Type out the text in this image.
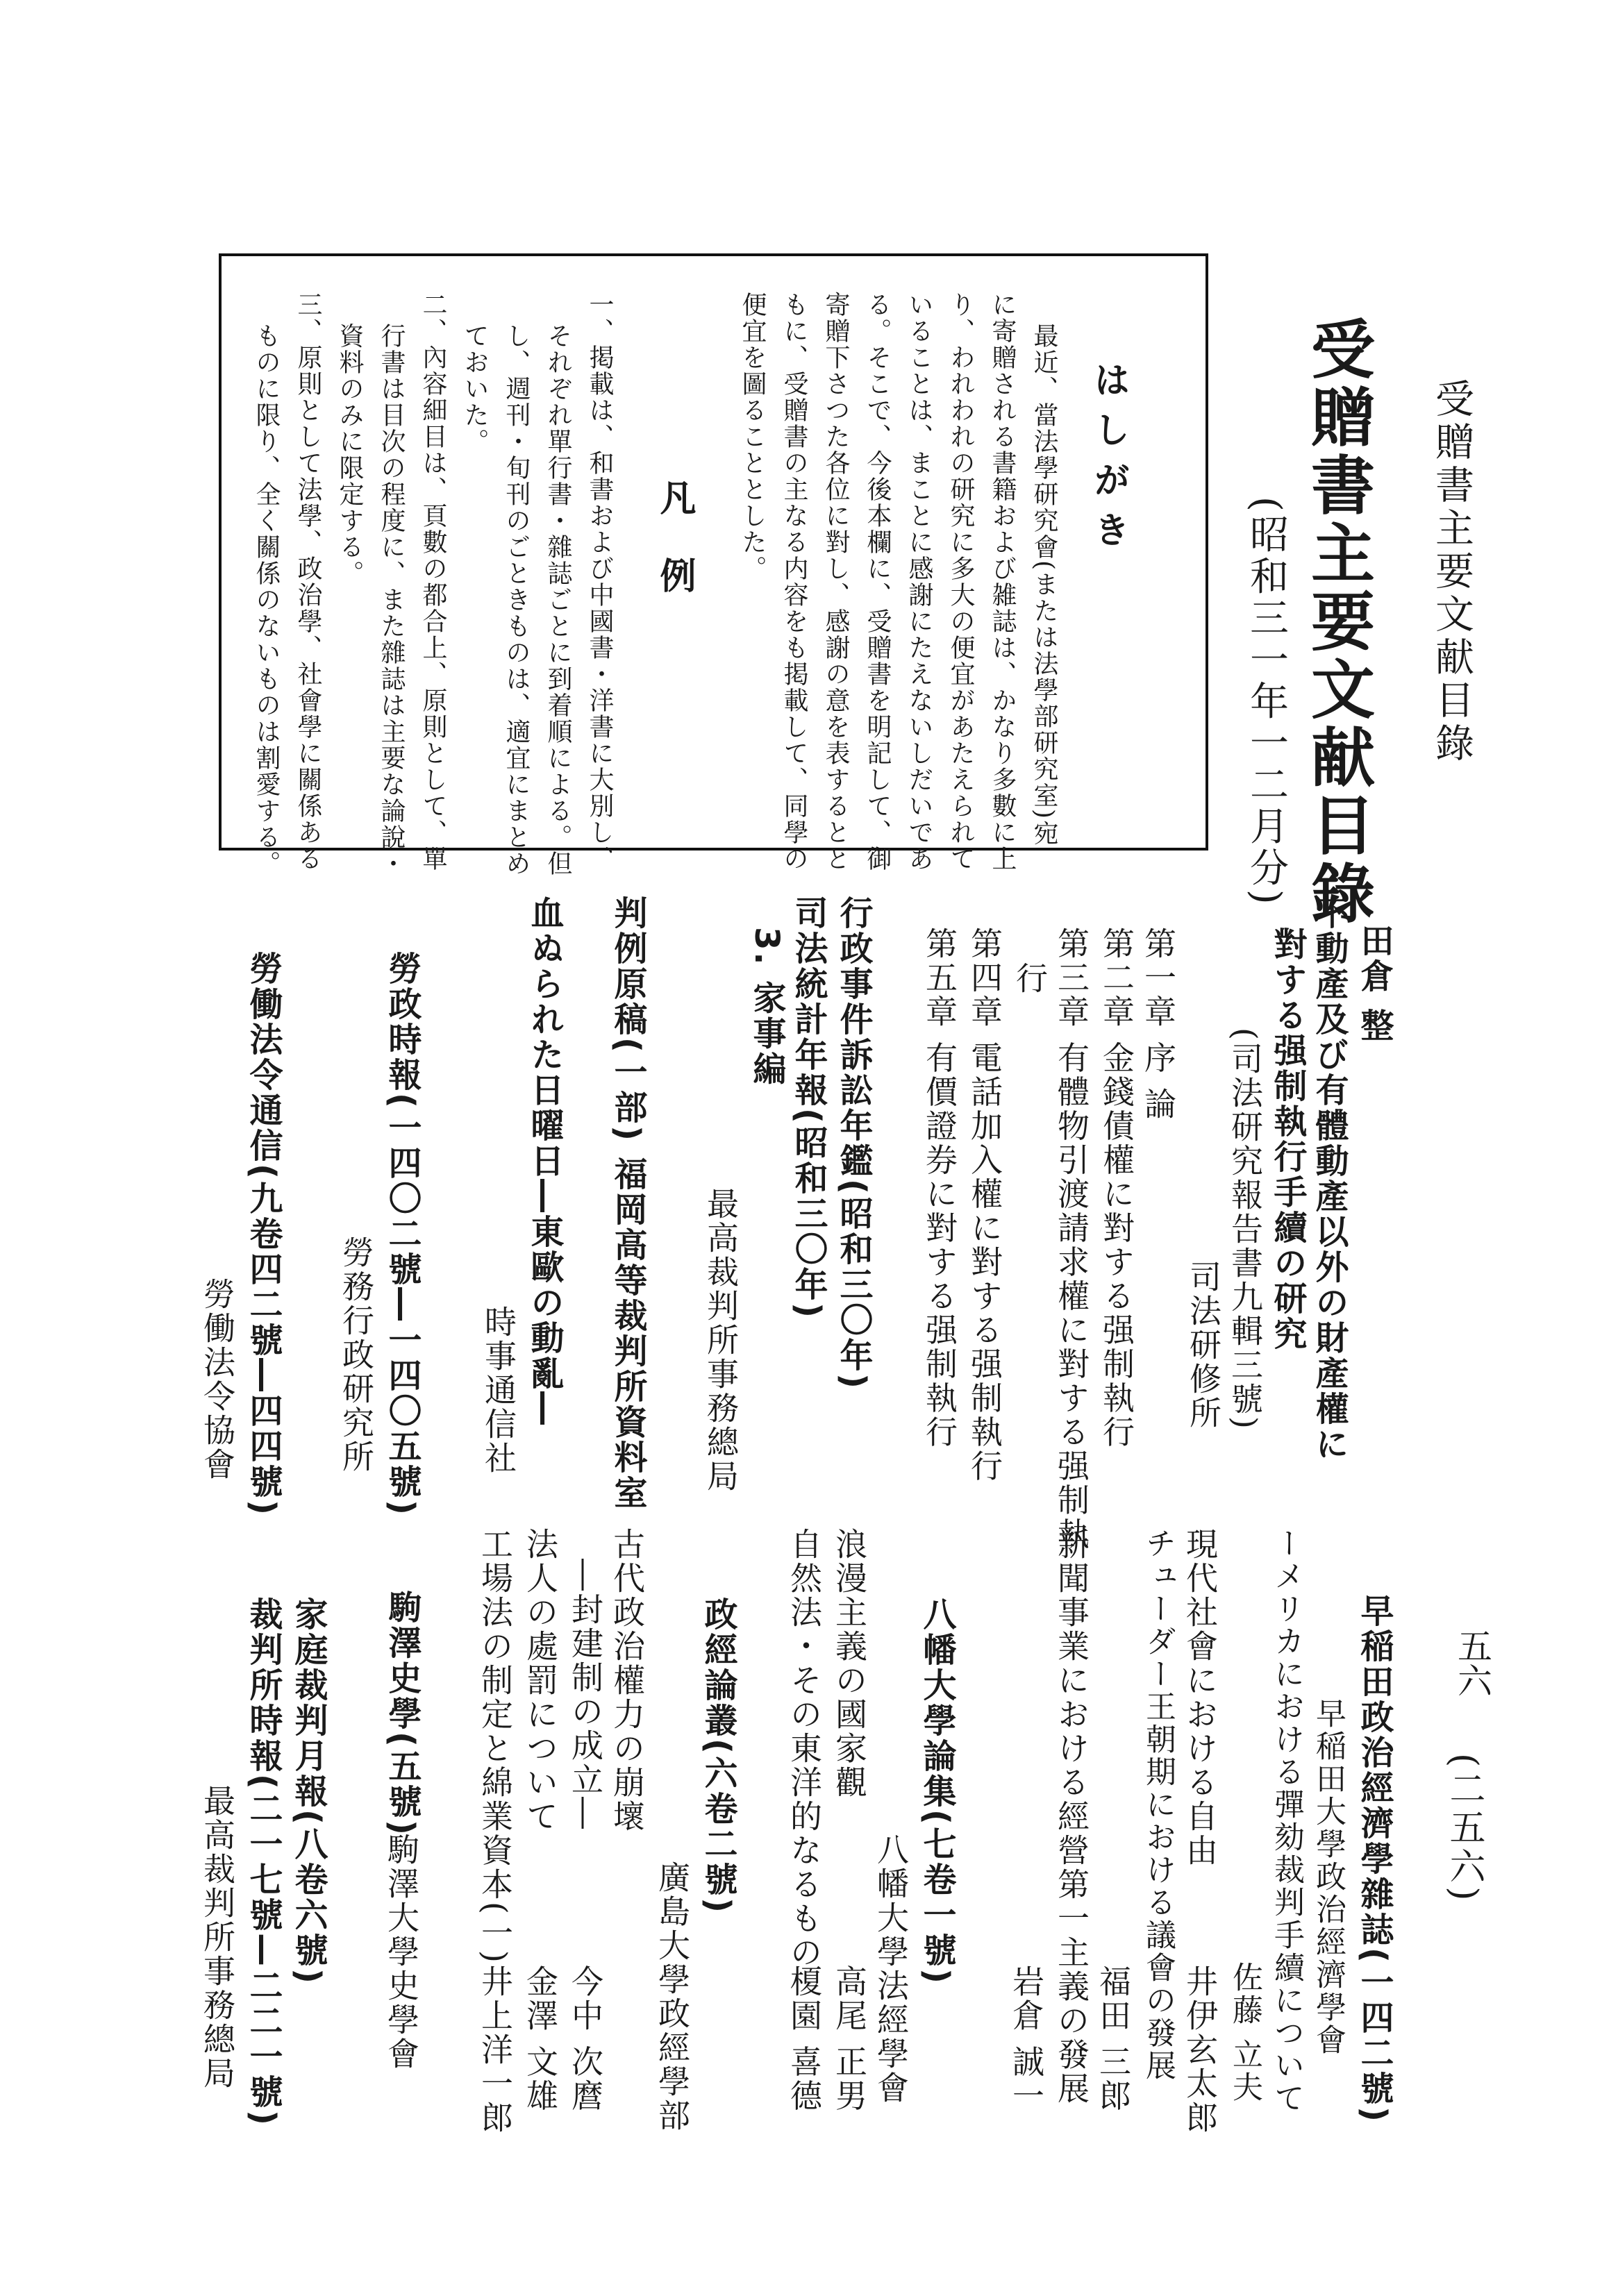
受贈書主要文献目錄
五六
(二五六)
受贈書主要文献目錄
(昭和三一年一二月分)
はしがき
最近、當法學研究會(または法學部研究室)宛
に寄贈される書籍および雑誌は、かなり多數に上
り、われわれの研究に多大の便宜があたえられて
いることは、まことに感謝にたえないしだいであ
る。そこで、今後本欄に、受贈書を明記して、御
寄贈下さつた各位に對し、感謝の意を表するとと
もに、受贈書の主なる内容をも掲載して、同學の
便宜を圖ることとした。
凡例
一、掲載は、和書および中國書・洋書に大別し、
それぞれ單行書・雜誌ごとに到着順による。但
し、週刊・旬刊のごときものは、適宜にまとめ
ておいた。
二、內容細目は、頁數の都合上、原則として、單
行書は目次の程度に、また雜誌は主要な論說・
資料のみに限定する。
三、原則として法學、政治學、社會學に關係ある
ものに限り、全く關係のないものは割愛する。
田倉 整
不動產及び有體動產以外の財產權に
對する强制執行手續の研究
(司法研究報告書九輯三號)
司法研修所
第一章 序 論
第二章 金錢債權に對する强制執行
第三章 有體物引渡請求權に對する强制執
行
第四章 電話加入權に對する强制執行
第五章 有價證券に對する强制執行
行政事件訴訟年鑑(昭和三〇年)
司法統計年報(昭和三〇年)
3. 家事編
最高裁判所事務總局
判例原稿(一部) 福岡高等裁判所資料室
血ぬられた日曜日―東歐の動亂―
時事通信社
勞政時報(一四〇二號―一四〇五號)
勞務行政研究所
勞働法令通信(九卷四二號―四四號)
勞働法令協會
早稲田政治經濟學雜誌(一四二號)
早稲田大學政治經濟學會
ーメリカにおける彈劾裁判手續について
佐藤 立夫
現代社會における自由
井伊玄太郎
チューダー王朝期における議會の發展
福田 三郎
新聞事業における經營第一主義の發展
岩倉 誠一
八幡大學論集(七卷一號)
八幡大學法經學會
浪漫主義の國家觀
高尾 正男
自然法・その東洋的なるもの
榎園 喜德
政經論叢(六卷二號)
廣島大學政經學部
古代政治權力の崩壞
―封建制の成立―
今中 次麿
法人の處罰について
金澤 文雄
工場法の制定と綿業資本(一)
井上洋一郎
駒澤史學(五號)
駒澤大學史學會
家庭裁判月報(八卷六號)
裁判所時報(二一七號—二二一號)
最高裁判所事務總局
